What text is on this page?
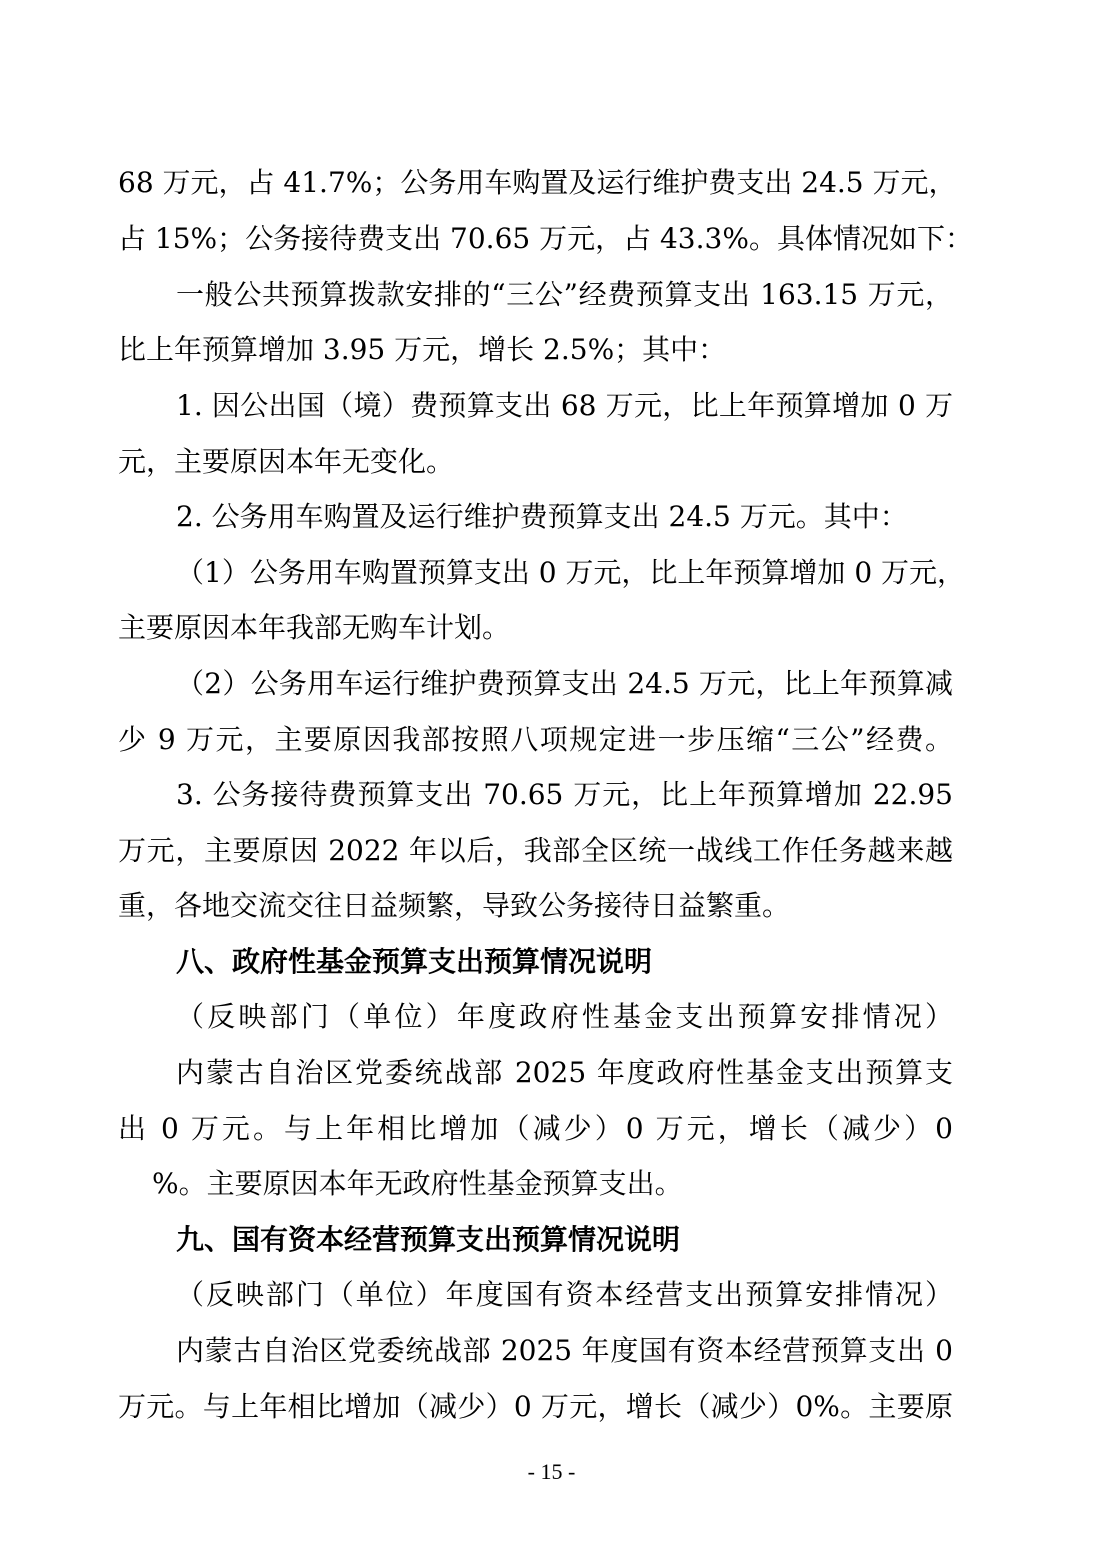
68 万元，占 41.7%；公务用车购置及运行维护费支出 24.5 万元，
占 15%；公务接待费支出 70.65 万元，占 43.3%。具体情况如下：
一般公共预算拨款安排的“三公”经费预算支出 163.15 万元，
比上年预算增加 3.95 万元，增长 2.5%；其中：
1. 因公出国（境）费预算支出 68 万元，比上年预算增加 0 万
元，主要原因本年无变化。
2. 公务用车购置及运行维护费预算支出 24.5 万元。其中：
（1）公务用车购置预算支出 0 万元，比上年预算增加 0 万元，
主要原因本年我部无购车计划。
（2）公务用车运行维护费预算支出 24.5 万元，比上年预算减
少 9 万元，主要原因我部按照八项规定进一步压缩“三公”经费。
3. 公务接待费预算支出 70.65 万元，比上年预算增加 22.95
万元，主要原因 2022 年以后，我部全区统一战线工作任务越来越
重，各地交流交往日益频繁，导致公务接待日益繁重。
八、政府性基金预算支出预算情况说明
（反映部门（单位）年度政府性基金支出预算安排情况）
内蒙古自治区党委统战部 2025 年度政府性基金支出预算支
出 0 万元。与上年相比增加（减少）0 万元，增长（减少）0
%。主要原因本年无政府性基金预算支出。
九、国有资本经营预算支出预算情况说明
（反映部门（单位）年度国有资本经营支出预算安排情况）
内蒙古自治区党委统战部 2025 年度国有资本经营预算支出 0
万元。与上年相比增加（减少）0 万元，增长（减少）0%。主要原
- 15 -
